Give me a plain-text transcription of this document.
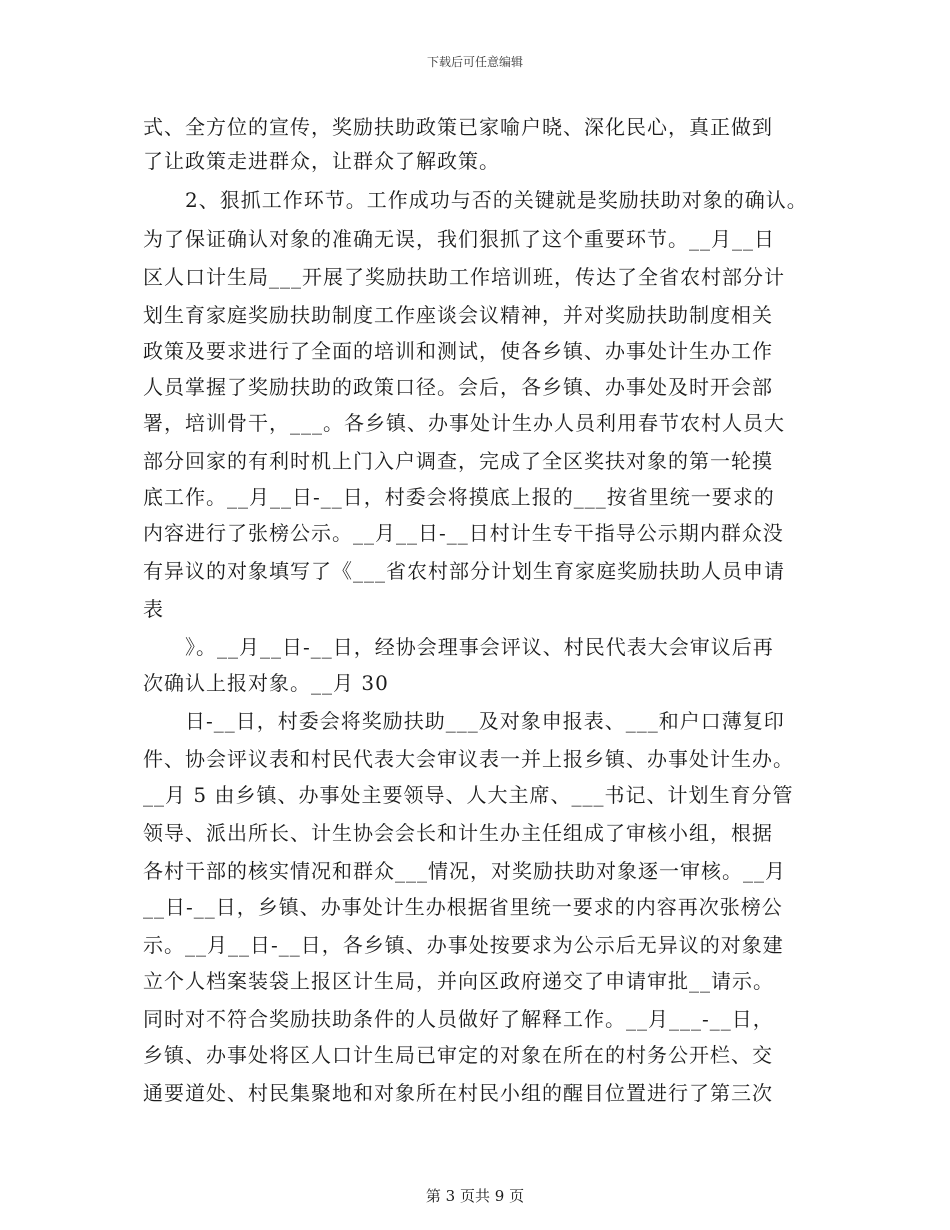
下载后可任意编辑
式、全方位的宣传，奖励扶助政策已家喻户晓、深化民心，真正做到
了让政策走进群众，让群众了解政策。
2、狠抓工作环节。工作成功与否的关键就是奖励扶助对象的确认。
为了保证确认对象的准确无误，我们狠抓了这个重要环节。__月__日
区人口计生局___开展了奖励扶助工作培训班，传达了全省农村部分计
划生育家庭奖励扶助制度工作座谈会议精神，并对奖励扶助制度相关
政策及要求进行了全面的培训和测试，使各乡镇、办事处计生办工作
人员掌握了奖励扶助的政策口径。会后，各乡镇、办事处及时开会部
署，培训骨干，___。各乡镇、办事处计生办人员利用春节农村人员大
部分回家的有利时机上门入户调查，完成了全区奖扶对象的第一轮摸
底工作。__月__日-__日，村委会将摸底上报的___按省里统一要求的
内容进行了张榜公示。__月__日-__日村计生专干指导公示期内群众没
有异议的对象填写了《___省农村部分计划生育家庭奖励扶助人员申请
表
》。__月__日-__日，经协会理事会评议、村民代表大会审议后再
次确认上报对象。__月 30
日-__日，村委会将奖励扶助___及对象申报表、___和户口薄复印
件、协会评议表和村民代表大会审议表一并上报乡镇、办事处计生办。
__月 5 由乡镇、办事处主要领导、人大主席、___书记、计划生育分管
领导、派出所长、计生协会会长和计生办主任组成了审核小组，根据
各村干部的核实情况和群众___情况，对奖励扶助对象逐一审核。__月
__日-__日，乡镇、办事处计生办根据省里统一要求的内容再次张榜公
示。__月__日-__日，各乡镇、办事处按要求为公示后无异议的对象建
立个人档案装袋上报区计生局，并向区政府递交了申请审批__请示。
同时对不符合奖励扶助条件的人员做好了解释工作。__月___-__日，
乡镇、办事处将区人口计生局已审定的对象在所在的村务公开栏、交
通要道处、村民集聚地和对象所在村民小组的醒目位置进行了第三次
第 3 页共 9 页
